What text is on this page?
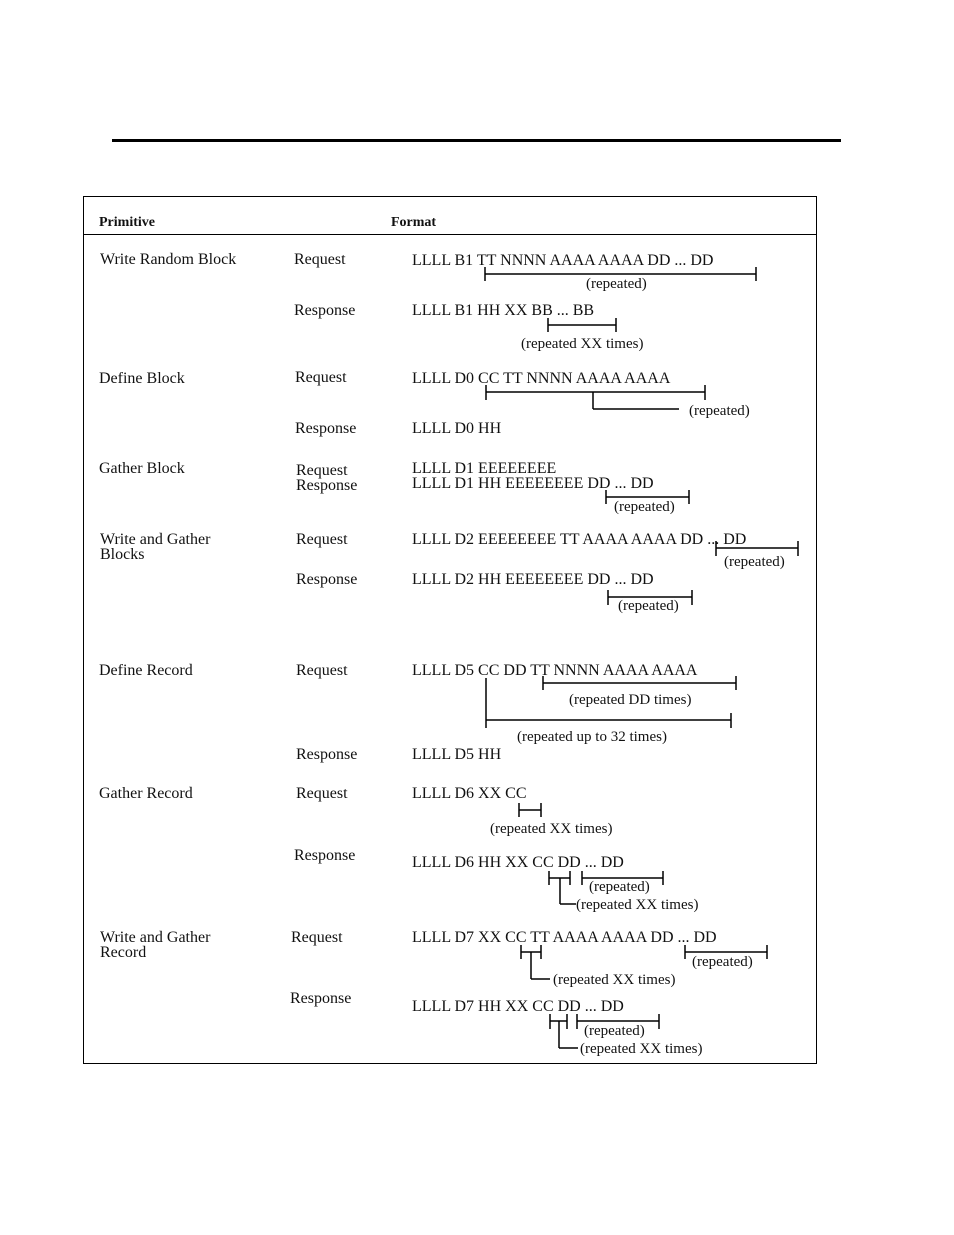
Primitive	Format
Write Random Block	Request	LLLL B1 TT NNNN AAAA AAAA DD ... DD
(repeated)
Response	LLLL B1 HH XX BB ... BB
(repeated XX times)
Define Block	Request	LLLL D0 CC TT NNNN AAAA AAAA
(repeated)
Response	LLLL D0 HH
Gather Block	Request	LLLL D1 EEEEEEEE
Response	LLLL D1 HH EEEEEEEE DD ... DD
(repeated)
Write and Gather
Blocks
Request	LLLL D2 EEEEEEEE TT AAAA AAAA DD ... DD
(repeated)
Response	LLLL D2 HH EEEEEEEE DD ... DD
(repeated)
Define Record	Request	LLLL D5 CC DD TT NNNN AAAA AAAA
(repeated DD times)
(repeated up to 32 times)
Response	LLLL D5 HH
Gather Record	Request	LLLL D6 XX CC
(repeated XX times)
Response	LLLL D6 HH XX CC DD ... DD
(repeated)
(repeated XX times)
Write and Gather
Record
Request	LLLL D7 XX CC TT AAAA AAAA DD ... DD
(repeated)
(repeated XX times)
Response	LLLL D7 HH XX CC DD ... DD
(repeated)
(repeated XX times)
